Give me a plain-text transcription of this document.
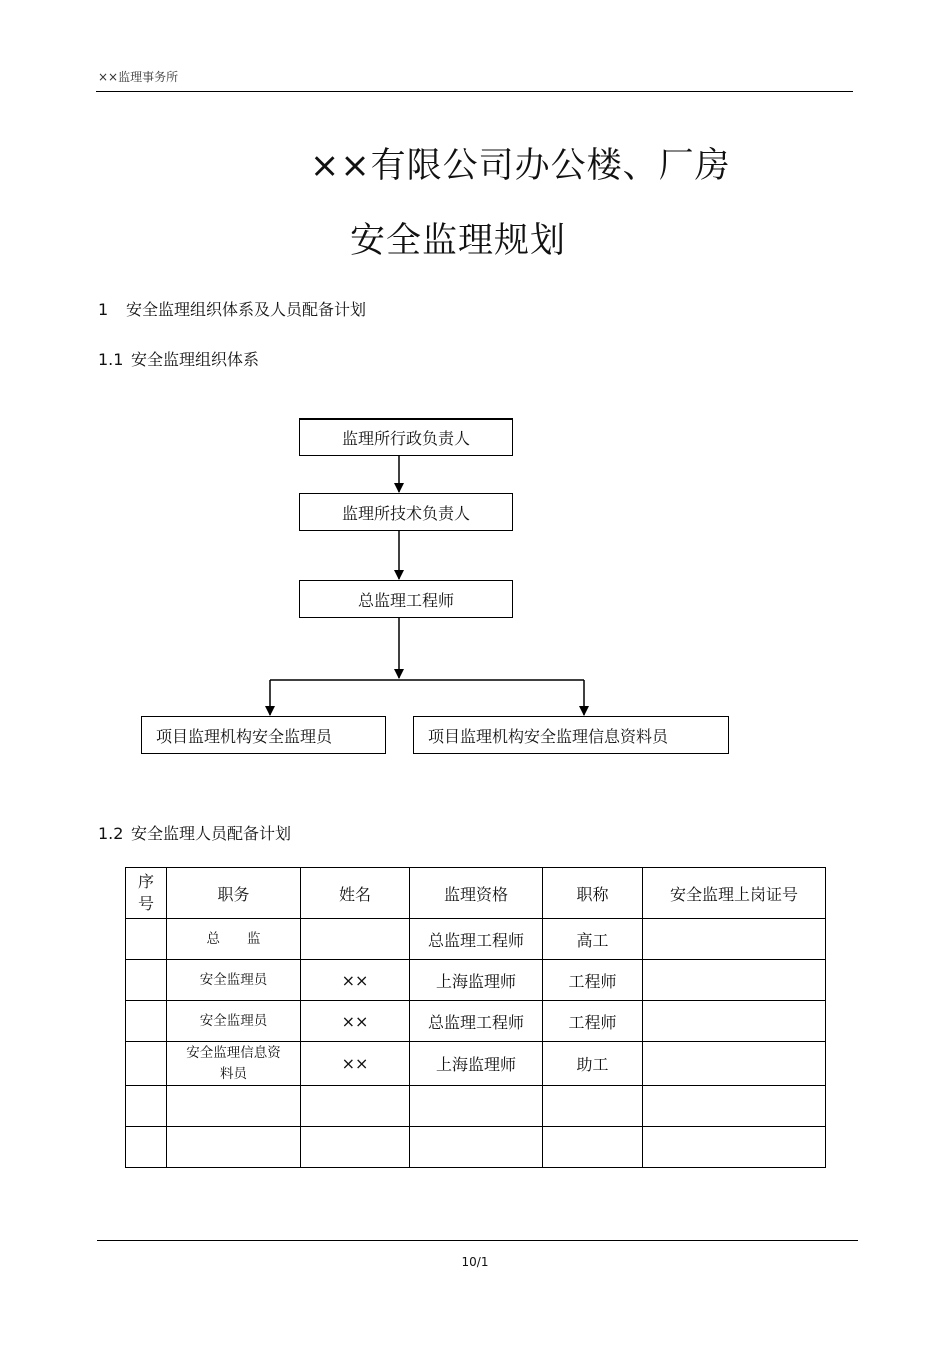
××监理事务所
××有限公司办公楼、厂房
安全监理规划
1 安全监理组织体系及人员配备计划
1.1 安全监理组织体系
监理所行政负责人
监理所技术负责人
总监理工程师
项目监理机构安全监理员	项目监理机构安全监理信息资料员
1.2 安全监理人员配备计划
序号	职务	姓名	监理资格	职称	安全监理上岗证号
	总　　监		总监理工程师	高工	
	安全监理员	××	上海监理师	工程师	
	安全监理员	××	总监理工程师	工程师	

	安全监理信息资料员	××	上海监理师	助工	

10/1
